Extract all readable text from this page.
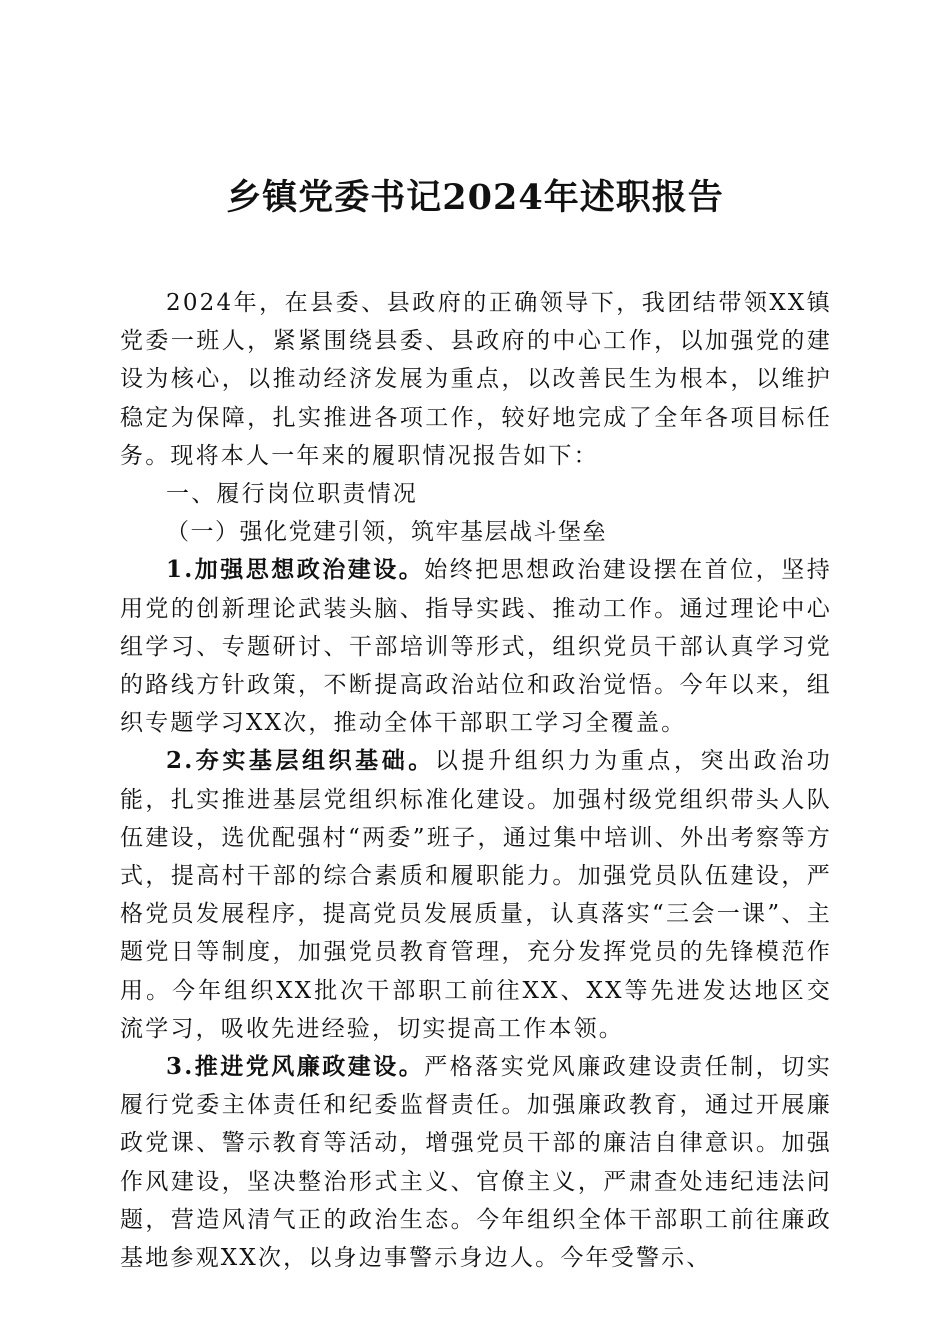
乡镇党委书记2024年述职报告

2024年，在县委、县政府的正确领导下，我团结带领XX镇党委一班人，紧紧围绕县委、县政府的中心工作，以加强党的建设为核心，以推动经济发展为重点，以改善民生为根本，以维护稳定为保障，扎实推进各项工作，较好地完成了全年各项目标任务。现将本人一年来的履职情况报告如下：

一、履行岗位职责情况

（一）强化党建引领，筑牢基层战斗堡垒

1.加强思想政治建设。始终把思想政治建设摆在首位，坚持用党的创新理论武装头脑、指导实践、推动工作。通过理论中心组学习、专题研讨、干部培训等形式，组织党员干部认真学习党的路线方针政策，不断提高政治站位和政治觉悟。今年以来，组织专题学习XX次，推动全体干部职工学习全覆盖。

2.夯实基层组织基础。以提升组织力为重点，突出政治功能，扎实推进基层党组织标准化建设。加强村级党组织带头人队伍建设，选优配强村“两委”班子，通过集中培训、外出考察等方式，提高村干部的综合素质和履职能力。加强党员队伍建设，严格党员发展程序，提高党员发展质量，认真落实“三会一课”、主题党日等制度，加强党员教育管理，充分发挥党员的先锋模范作用。今年组织XX批次干部职工前往XX、XX等先进发达地区交流学习，吸收先进经验，切实提高工作本领。

3.推进党风廉政建设。严格落实党风廉政建设责任制，切实履行党委主体责任和纪委监督责任。加强廉政教育，通过开展廉政党课、警示教育等活动，增强党员干部的廉洁自律意识。加强作风建设，坚决整治形式主义、官僚主义，严肃查处违纪违法问题，营造风清气正的政治生态。今年组织全体干部职工前往廉政基地参观XX次，以身边事警示身边人。今年受警示、
